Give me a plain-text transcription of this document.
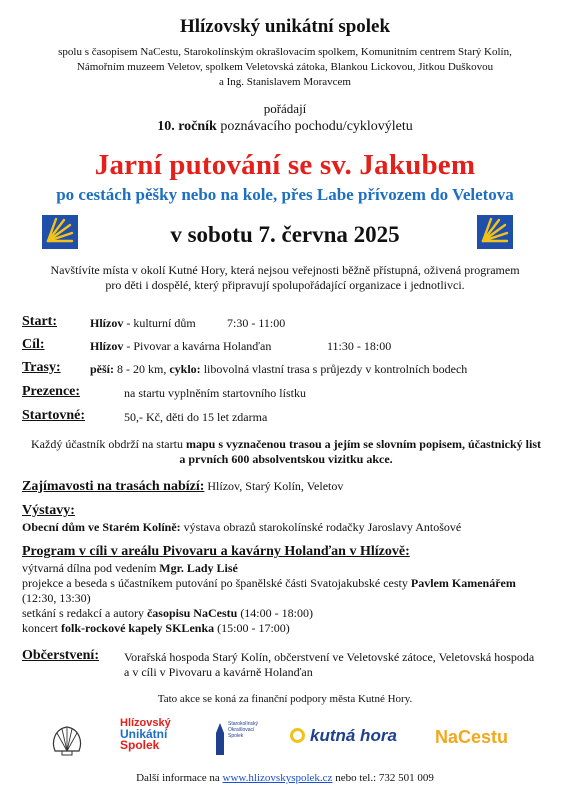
Hlízovský unikátní spolek
spolu s časopisem NaCestu, Starokolínským okrašlovacím spolkem, Komunitním centrem Starý Kolín,
Námořním muzeem Veletov, spolkem Veletovská zátoka, Blankou Lickovou, Jitkou Duškovou
a Ing. Stanislavem Moravcem
pořádají
10. ročník poznávacího pochodu/cyklovýletu
Jarní putování se sv. Jakubem
po cestách pěšky nebo na kole, přes Labe přívozem do Veletova
v sobotu 7. června 2025
Navštívíte místa v okolí Kutné Hory, která nejsou veřejnosti běžně přístupná, oživená programem
pro děti i dospělé, který připravují spolupořádající organizace i jednotlivci.
Start:	Hlízov - kulturní dům	7:30 - 11:00
Cíl:	Hlízov - Pivovar a kavárna Holanďan	11:30 - 18:00
Trasy: pěší: 8 - 20 km, cyklo: libovolná vlastní trasa s průjezdy v kontrolních bodech
Prezence:	na startu vyplněním startovního lístku
Startovné:	50,- Kč, děti do 15 let zdarma
Každý účastník obdrží na startu mapu s vyznačenou trasou a jejím se slovním popisem, účastnický list
a prvních 600 absolventskou vizitku akce.
Zajímavosti na trasách nabízí: Hlízov, Starý Kolín, Veletov
Výstavy:
Obecní dům ve Starém Kolíně: výstava obrazů starokolínské rodačky Jaroslavy Antošové
Program v cíli v areálu Pivovaru a kavárny Holanďan v Hlízově:
výtvarná dílna pod vedením Mgr. Lady Lisé
projekce a beseda s účastníkem putování po španělské části Svatojakubské cesty Pavlem Kamenářem
(12:30, 13:30)
setkání s redakcí a autory časopisu NaCestu (14:00 - 18:00)
koncert folk-rockové kapely SKLenka (15:00 - 17:00)
Občerstvení: Vorařská hospoda Starý Kolín, občerstvení ve Veletovské zátoce, Veletovská hospoda
a v cíli v Pivovaru a kavárně Holanďan
Tato akce se koná za finanční podpory města Kutné Hory.
Hlízovský
Unikátní
Spolek
Starokolínský
Okrašlovací
Spolek	kutná hora NaCestu
Další informace na www.hlizovskyspolek.cz nebo tel.: 732 501 009
